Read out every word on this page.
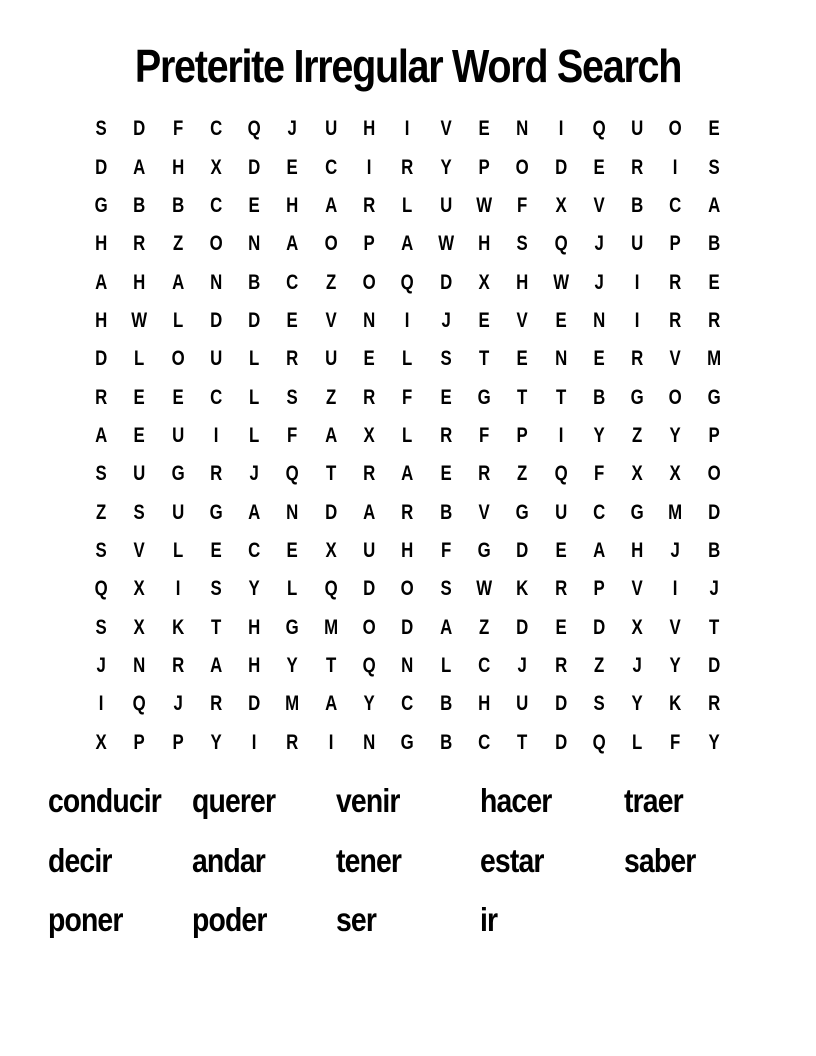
Preterite Irregular Word Search
S	D	F	C	Q	J	U	H	I	V	E	N	I	Q	U	O	E
D	A	H	X	D	E	C	I	R	Y	P	O	D	E	R	I	S
G	B	B	C	E	H	A	R	L	U	W	F	X	V	B	C	A
H	R	Z	O	N	A	O	P	A	W	H	S	Q	J	U	P	B
A	H	A	N	B	C	Z	O	Q	D	X	H	W	J	I	R	E
H	W	L	D	D	E	V	N	I	J	E	V	E	N	I	R	R
D	L	O	U	L	R	U	E	L	S	T	E	N	E	R	V	M
R	E	E	C	L	S	Z	R	F	E	G	T	T	B	G	O	G
A	E	U	I	L	F	A	X	L	R	F	P	I	Y	Z	Y	P
S	U	G	R	J	Q	T	R	A	E	R	Z	Q	F	X	X	O
Z	S	U	G	A	N	D	A	R	B	V	G	U	C	G	M	D
S	V	L	E	C	E	X	U	H	F	G	D	E	A	H	J	B
Q	X	I	S	Y	L	Q	D	O	S	W	K	R	P	V	I	J
S	X	K	T	H	G	M	O	D	A	Z	D	E	D	X	V	T
J	N	R	A	H	Y	T	Q	N	L	C	J	R	Z	J	Y	D
I	Q	J	R	D	M	A	Y	C	B	H	U	D	S	Y	K	R
X	P	P	Y	I	R	I	N	G	B	C	T	D	Q	L	F	Y
conducir querer	venir	hacer	traer
decir	andar	tener	estar	saber
poner	poder	ser	ir
